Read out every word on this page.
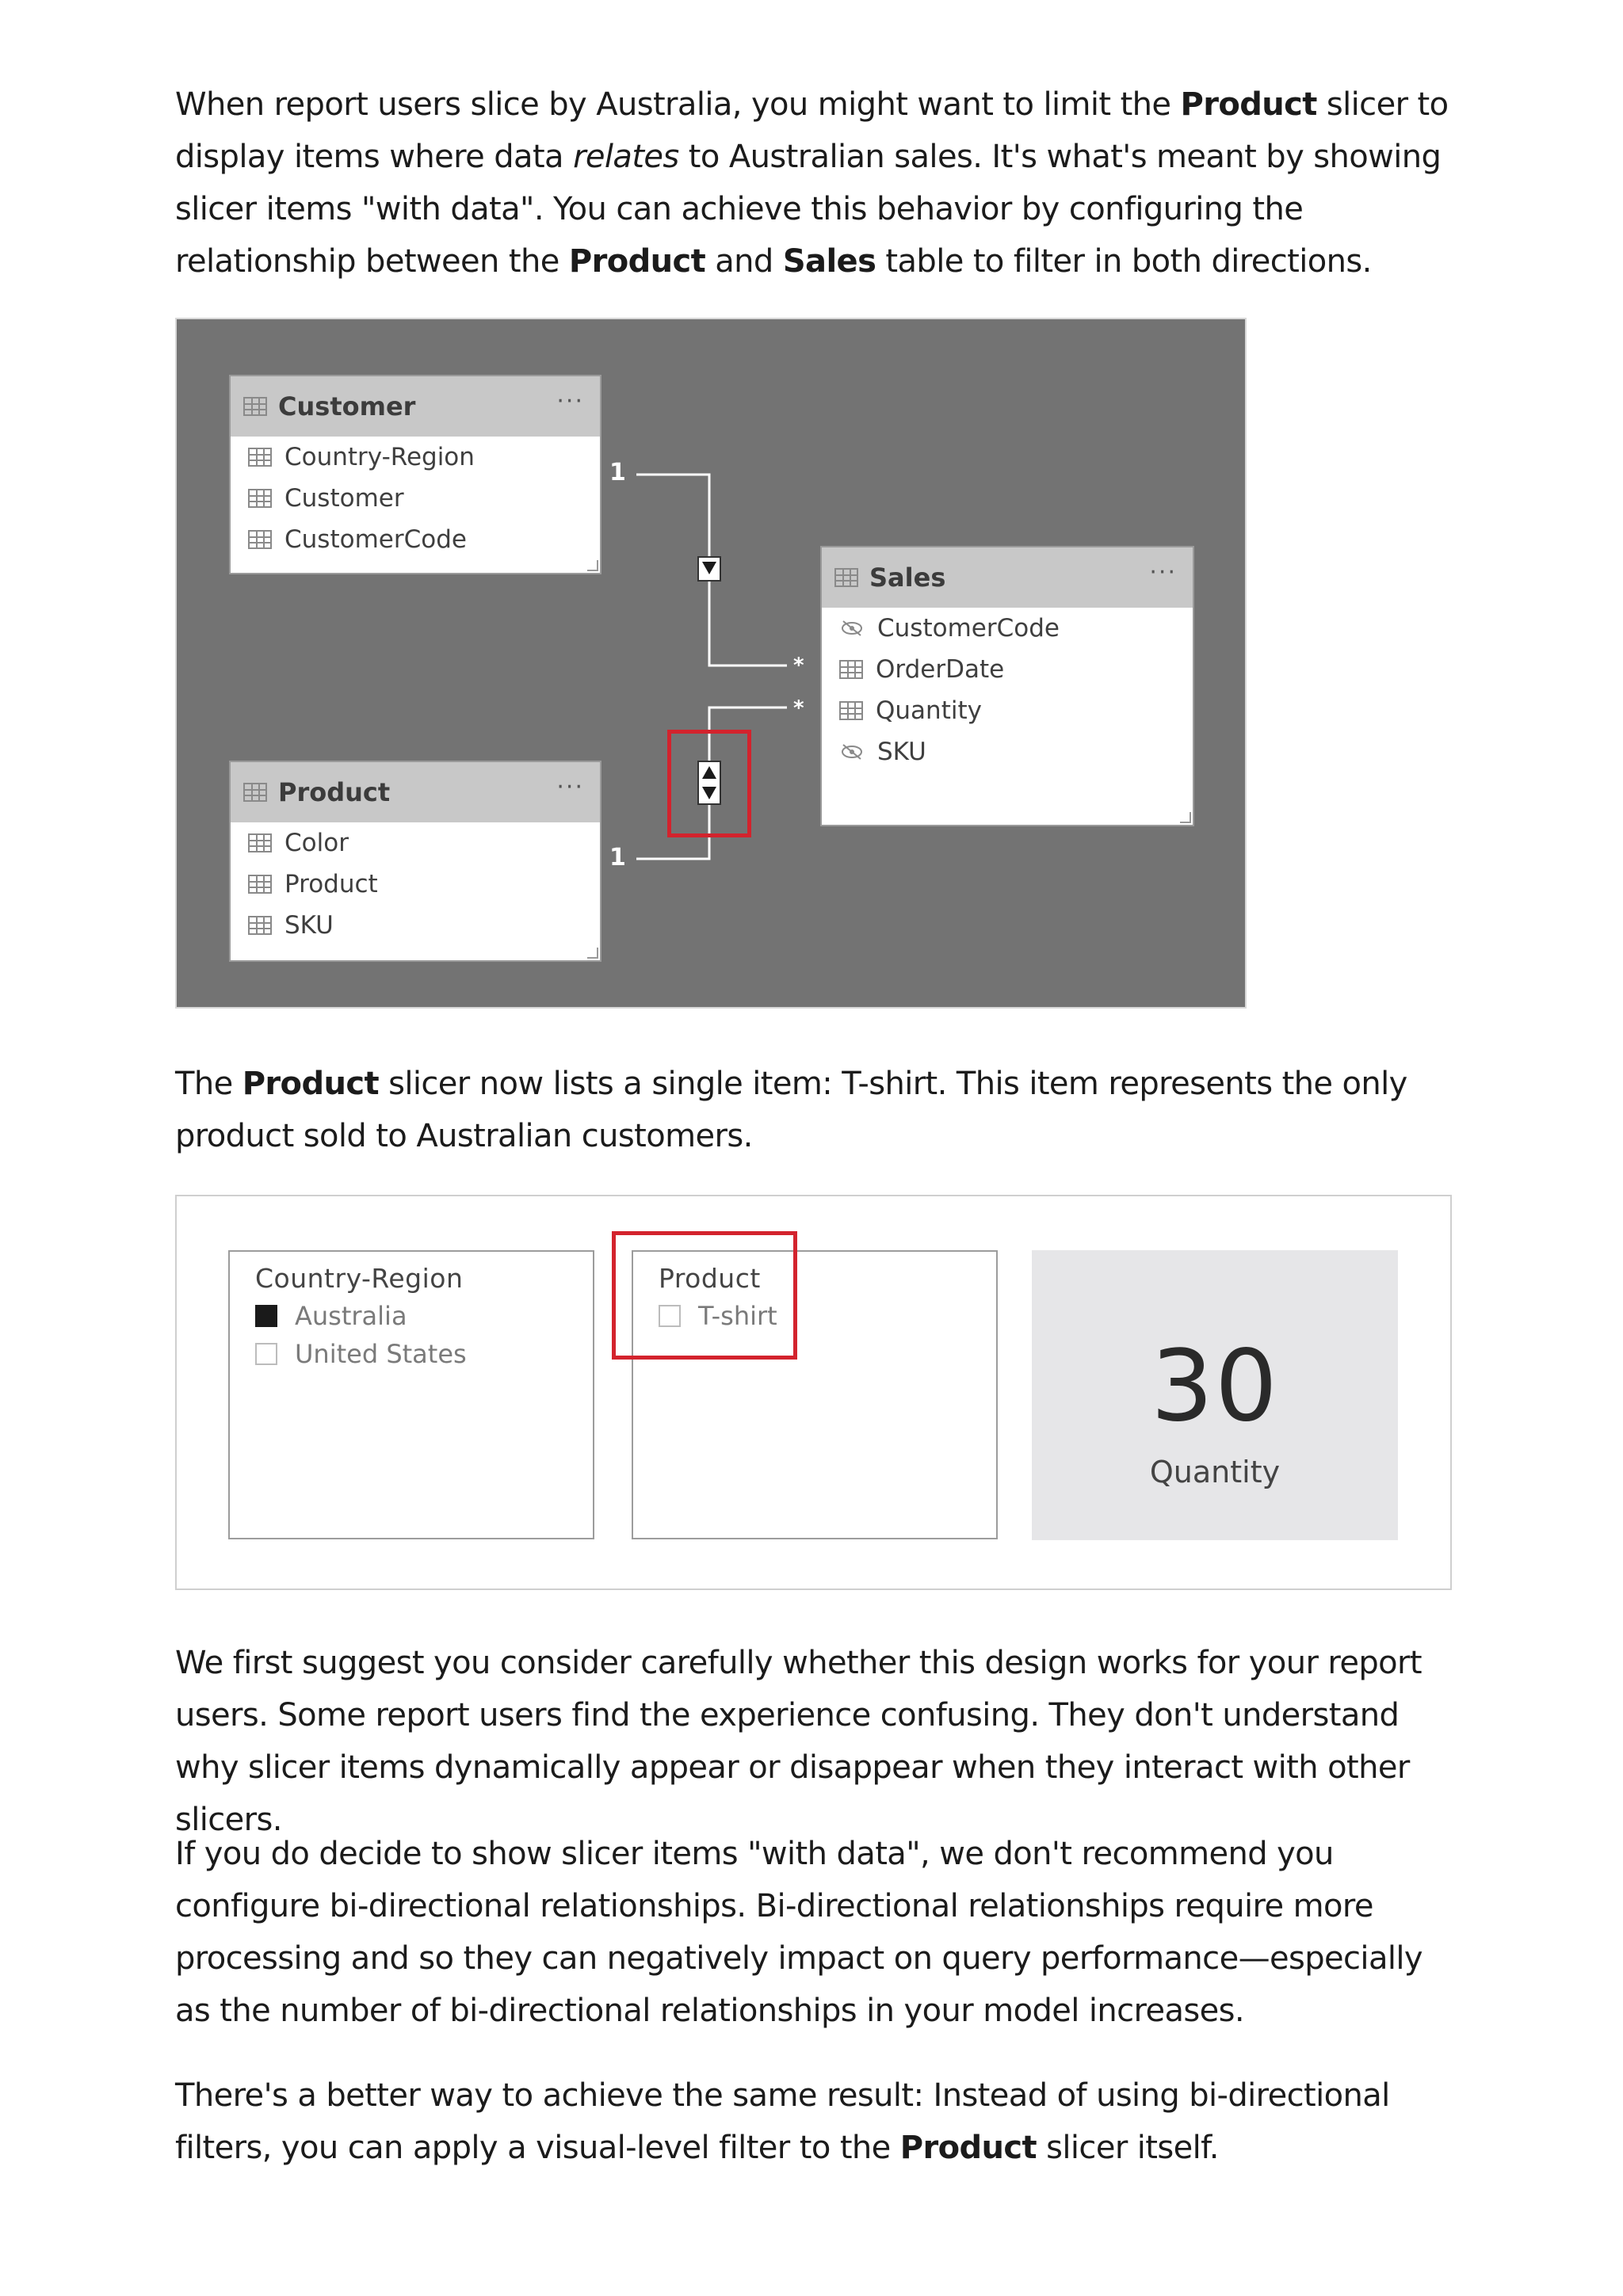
When report users slice by Australia, you might want to limit the Product slicer to display items where data relates to Australian sales. It's what's meant by showing slicer items "with data". You can achieve this behavior by configuring the relationship between the Product and Sales table to filter in both directions.

1
1
*
*
Customer	···
Country-Region
Customer
CustomerCode
Product	···
Color
Product
SKU
Sales	···
CustomerCode
OrderDate
Quantity
SKU

The Product slicer now lists a single item: T-shirt. This item represents the only product sold to Australian customers.

Country-Region
Australia
United States
Product
T-shirt
30
Quantity

We first suggest you consider carefully whether this design works for your report users. Some report users find the experience confusing. They don't understand why slicer items dynamically appear or disappear when they interact with other slicers.

If you do decide to show slicer items "with data", we don't recommend you configure bi-directional relationships. Bi-directional relationships require more processing and so they can negatively impact on query performance—especially as the number of bi-directional relationships in your model increases.

There's a better way to achieve the same result: Instead of using bi-directional filters, you can apply a visual-level filter to the Product slicer itself.
